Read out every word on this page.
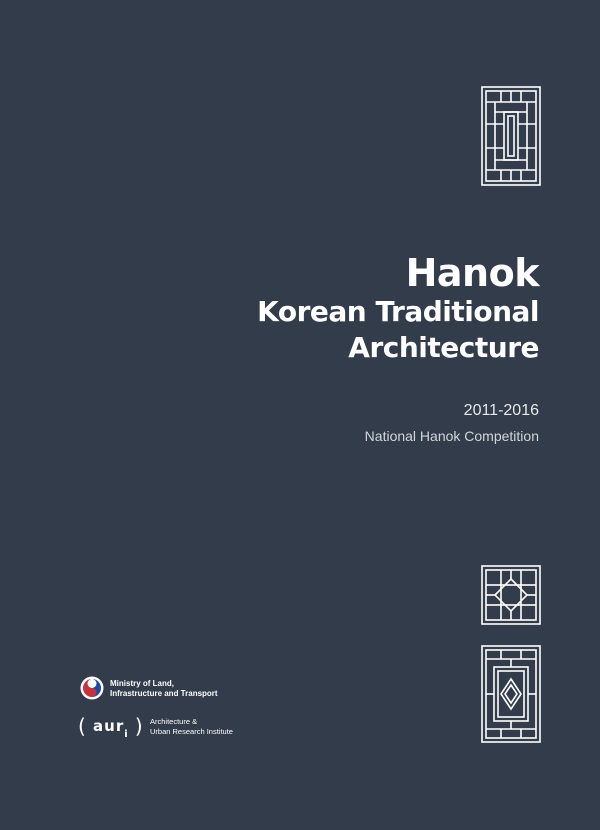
Hanok
Korean Traditional
Architecture
2011-2016
National Hanok Competition
Ministry of Land,
Infrastructure and Transport
( aur$_i$ ) Architecture &
Urban Research Institute
